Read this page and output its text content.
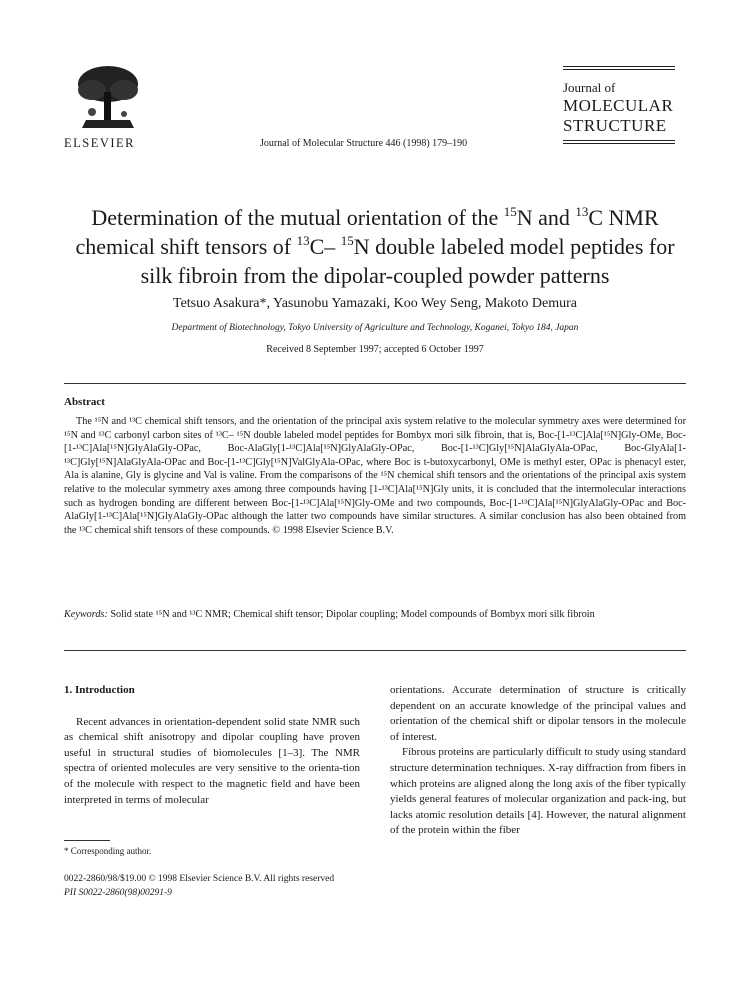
ELSEVIER	Journal of Molecular Structure 446 (1998) 179–190
Journal of
MOLECULAR
STRUCTURE
Determination of the mutual orientation of the $^{15}$N and $^{13}$C NMR
chemical shift tensors of $^{13}$C– $^{15}$N double labeled model peptides for
silk fibroin from the dipolar-coupled powder patterns
Tetsuo Asakura*, Yasunobu Yamazaki, Koo Wey Seng, Makoto Demura
Department of Biotechnology, Tokyo University of Agriculture and Technology, Koganei, Tokyo 184, Japan
Received 8 September 1997; accepted 6 October 1997
Abstract

The ¹⁵N and ¹³C chemical shift tensors, and the orientation of the principal axis system relative to the molecular symmetry axes were determined for ¹⁵N and ¹³C carbonyl carbon sites of ¹³C– ¹⁵N double labeled model peptides for Bombyx mori silk fibroin, that is, Boc-[1-¹³C]Ala[¹⁵N]Gly-OMe, Boc-[1-¹³C]Ala[¹⁵N]GlyAlaGly-OPac, Boc-AlaGly[1-¹³C]Ala[¹⁵N]GlyAlaGly-OPac, Boc-[1-¹³C]Gly[¹⁵N]AlaGlyAla-OPac, Boc-GlyAla[1-¹³C]Gly[¹⁵N]AlaGlyAla-OPac and Boc-[1-¹³C]Gly[¹⁵N]ValGlyAla-OPac, where Boc is t-butoxycarbonyl, OMe is methyl ester, OPac is phenacyl ester, Ala is alanine, Gly is glycine and Val is valine. From the comparisons of the ¹⁵N chemical shift tensors and the orientations of the principal axis system relative to the molecular symmetry axes among three compounds having [1-¹³C]Ala[¹⁵N]Gly units, it is concluded that the intermolecular interactions such as hydrogen bonding are different between Boc-[1-¹³C]Ala[¹⁵N]Gly-OMe and two compounds, Boc-[1-¹³C]Ala[¹⁵N]GlyAlaGly-OPac and Boc-AlaGly[1-¹³C]Ala[¹⁵N]GlyAlaGly-OPac although the latter two compounds have similar structures. A similar conclusion has also been obtained from the ¹³C chemical shift tensors of these compounds. © 1998 Elsevier Science B.V.

Keywords: Solid state ¹⁵N and ¹³C NMR; Chemical shift tensor; Dipolar coupling; Model compounds of Bombyx mori silk fibroin
1. Introduction

Recent advances in orientation-dependent solid state NMR such as chemical shift anisotropy and dipolar coupling have proven useful in structural studies of biomolecules [1–3]. The NMR spectra of oriented molecules are very sensitive to the orienta-tion of the molecule with respect to the magnetic field and have been interpreted in terms of molecular

orientations. Accurate determination of structure is critically dependent on an accurate knowledge of the principal values and orientation of the chemical shift or dipolar tensors in the molecule of interest.

Fibrous proteins are particularly difficult to study using standard structure determination techniques. X-ray diffraction from fibers in which proteins are aligned along the long axis of the fiber typically yields general features of molecular organization and pack-ing, but lacks atomic resolution details [4]. However, the natural alignment of the protein within the fiber

* Corresponding author.
0022-2860/98/$19.00 © 1998 Elsevier Science B.V. All rights reserved
PII S0022-2860(98)00291-9
